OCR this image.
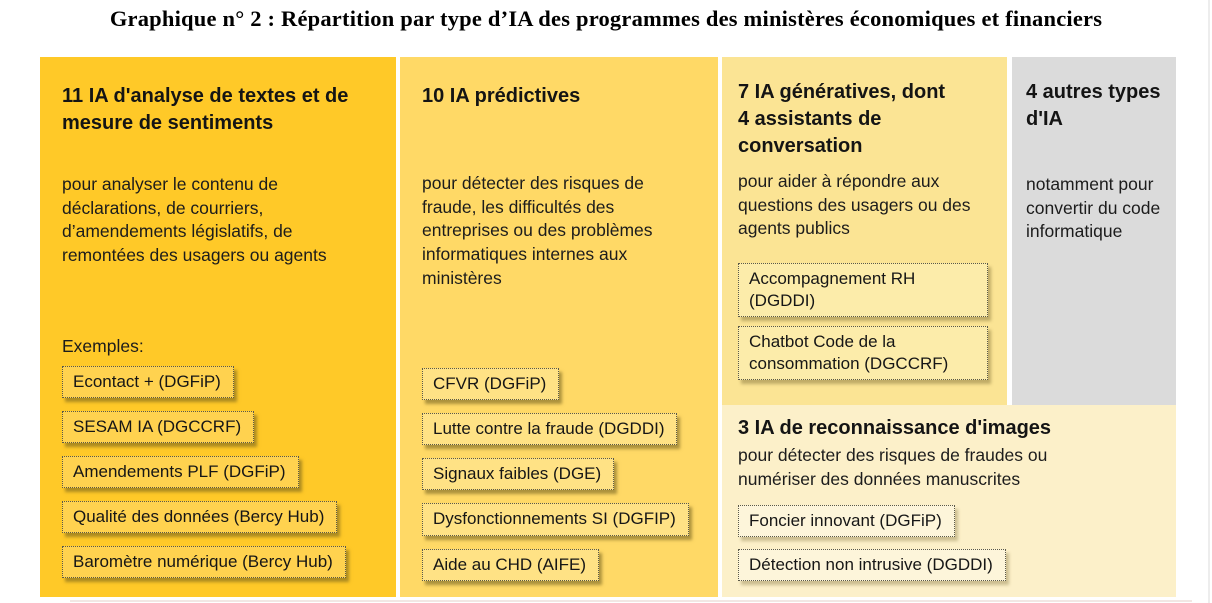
Graphique n° 2 : Répartition par type d’IA des programmes des ministères économiques et financiers
11 IA d'analyse de textes et de mesure de sentiments
pour analyser le contenu de déclarations, de courriers, d’amendements législatifs, de remontées des usagers ou agents
Exemples:
Econtact + (DGFiP)
SESAM IA (DGCCRF)
Amendements PLF (DGFiP)
Qualité des données (Bercy Hub)
Baromètre numérique (Bercy Hub)
10 IA prédictives
pour détecter des risques de fraude, les difficultés des entreprises ou des problèmes informatiques internes aux ministères
CFVR (DGFiP)
Lutte contre la fraude (DGDDI)
Signaux faibles (DGE)
Dysfonctionnements SI (DGFIP)
Aide au CHD (AIFE)
7 IA génératives, dont 4 assistants de conversation
pour aider à répondre aux questions des usagers ou des agents publics
Accompagnement RH (DGDDI)
Chatbot Code de la consommation (DGCCRF)
4 autres types d'IA
notamment pour convertir du code informatique
3 IA de reconnaissance d'images
pour détecter des risques de fraudes ou numériser des données manuscrites
Foncier innovant (DGFiP)
Détection non intrusive (DGDDI)
